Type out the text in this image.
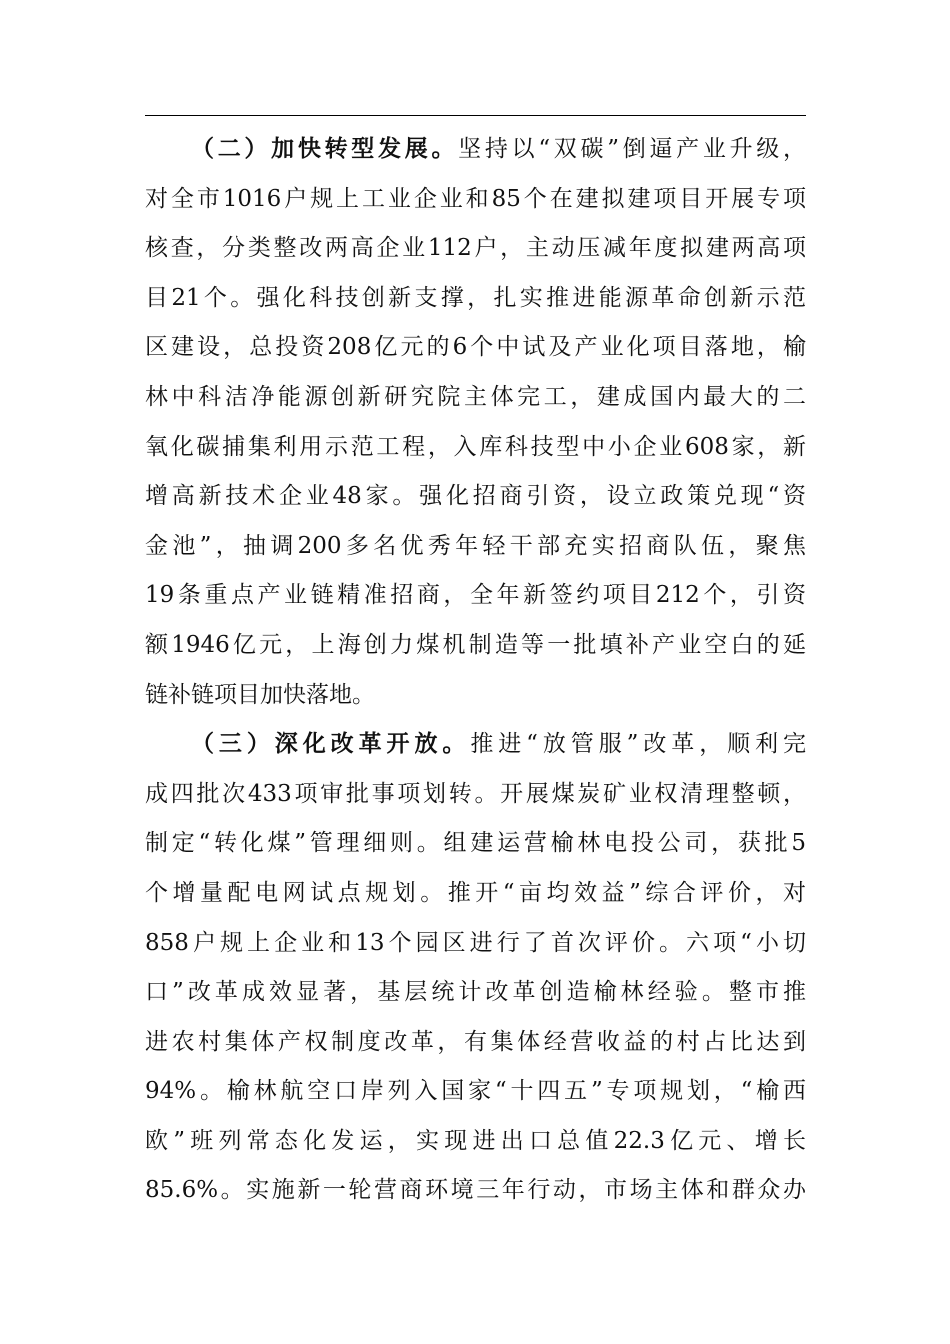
（二）加快转型发展。坚持以“双碳”倒逼产业升级，
对全市1016户规上工业企业和85个在建拟建项目开展专项
核查，分类整改两高企业112户，主动压减年度拟建两高项
目21个。强化科技创新支撑，扎实推进能源革命创新示范
区建设，总投资208亿元的6个中试及产业化项目落地，榆
林中科洁净能源创新研究院主体完工，建成国内最大的二
氧化碳捕集利用示范工程，入库科技型中小企业608家，新
增高新技术企业48家。强化招商引资，设立政策兑现“资
金池”，抽调200多名优秀年轻干部充实招商队伍，聚焦
19条重点产业链精准招商，全年新签约项目212个，引资
额1946亿元，上海创力煤机制造等一批填补产业空白的延
链补链项目加快落地。
（三）深化改革开放。推进“放管服”改革，顺利完
成四批次433项审批事项划转。开展煤炭矿业权清理整顿，
制定“转化煤”管理细则。组建运营榆林电投公司，获批5
个增量配电网试点规划。推开“亩均效益”综合评价，对
858户规上企业和13个园区进行了首次评价。六项“小切
口”改革成效显著，基层统计改革创造榆林经验。整市推
进农村集体产权制度改革，有集体经营收益的村占比达到
94%。榆林航空口岸列入国家“十四五”专项规划，“榆西
欧”班列常态化发运，实现进出口总值22.3亿元、增长
85.6%。实施新一轮营商环境三年行动，市场主体和群众办
